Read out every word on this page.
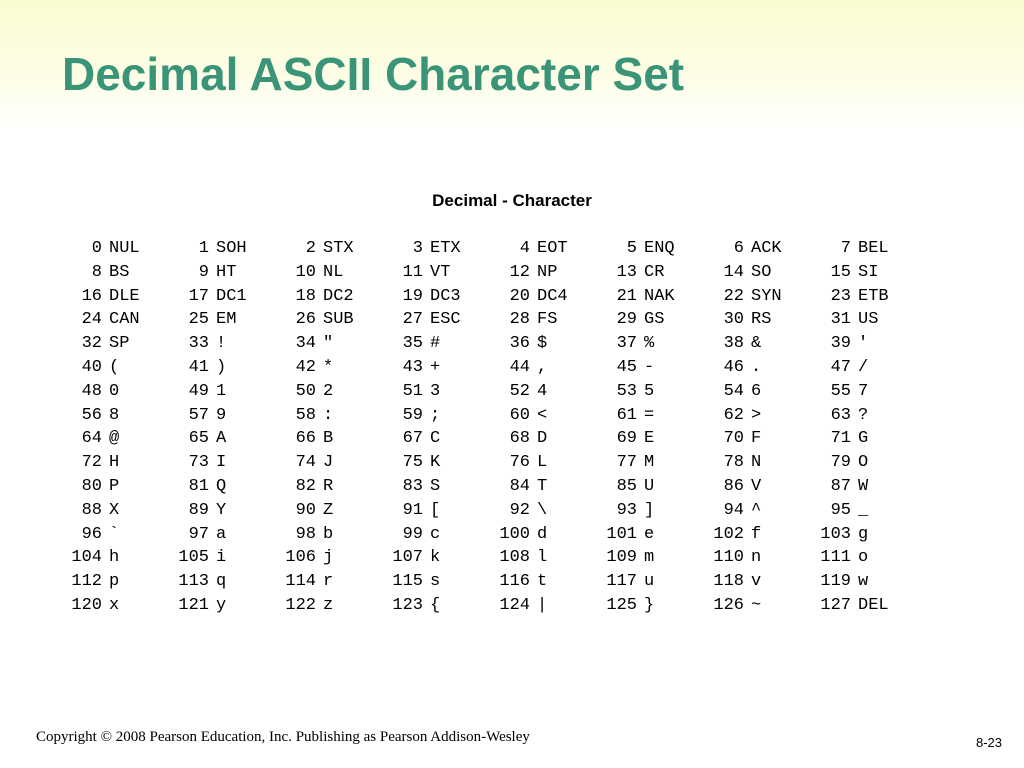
Decimal ASCII Character Set
Decimal - Character
0	NUL	1	SOH	2	STX	3	ETX	4	EOT	5	ENQ	6	ACK	7	BEL
8	BS	9	HT	10	NL	11	VT	12	NP	13	CR	14	SO	15	SI
16	DLE	17	DC1	18	DC2	19	DC3	20	DC4	21	NAK	22	SYN	23	ETB
24	CAN	25	EM	26	SUB	27	ESC	28	FS	29	GS	30	RS	31	US
32	SP	33	!	34	"	35	#	36	$	37	%	38	&	39	'
40	(	41	)	42	*	43	+	44	,	45	-	46	.	47	/
48	0	49	1	50	2	51	3	52	4	53	5	54	6	55	7
56	8	57	9	58	:	59	;	60	<	61	=	62	>	63	?
64	@	65	A	66	B	67	C	68	D	69	E	70	F	71	G
72	H	73	I	74	J	75	K	76	L	77	M	78	N	79	O
80	P	81	Q	82	R	83	S	84	T	85	U	86	V	87	W
88	X	89	Y	90	Z	91	[	92	\	93	]	94	^	95	_
96	`	97	a	98	b	99	c	100	d	101	e	102	f	103	g
104	h	105	i	106	j	107	k	108	l	109	m	110	n	111	o
112	p	113	q	114	r	115	s	116	t	117	u	118	v	119	w
120	x	121	y	122	z	123	{	124	|	125	}	126	~	127	DEL
Copyright © 2008 Pearson Education, Inc. Publishing as Pearson Addison-Wesley	8-23
